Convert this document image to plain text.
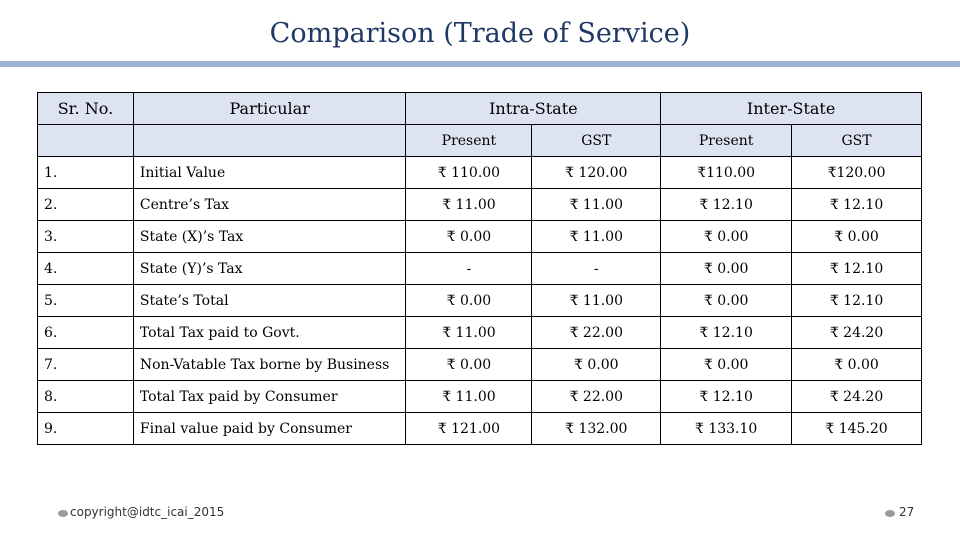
Comparison (Trade of Service)
Sr. No.	Particular	Intra-State		Inter-State	
		Present	GST	Present	GST
1.	Initial Value	₹ 110.00	₹ 120.00	₹110.00	₹120.00
2.	Centre’s Tax	₹ 11.00	₹ 11.00	₹ 12.10	₹ 12.10
3.	State (X)’s Tax	₹ 0.00	₹ 11.00	₹ 0.00	₹ 0.00
4.	State (Y)’s Tax	-	-	₹ 0.00	₹ 12.10
5.	State’s Total	₹ 0.00	₹ 11.00	₹ 0.00	₹ 12.10
6.	Total Tax paid to Govt.	₹ 11.00	₹ 22.00	₹ 12.10	₹ 24.20
7.	Non-Vatable Tax borne by Business	₹ 0.00	₹ 0.00	₹ 0.00	₹ 0.00
8.	Total Tax paid by Consumer	₹ 11.00	₹ 22.00	₹ 12.10	₹ 24.20
9.	Final value paid by Consumer	₹ 121.00	₹ 132.00	₹ 133.10	₹ 145.20
copyright@idtc_icai_2015	27
